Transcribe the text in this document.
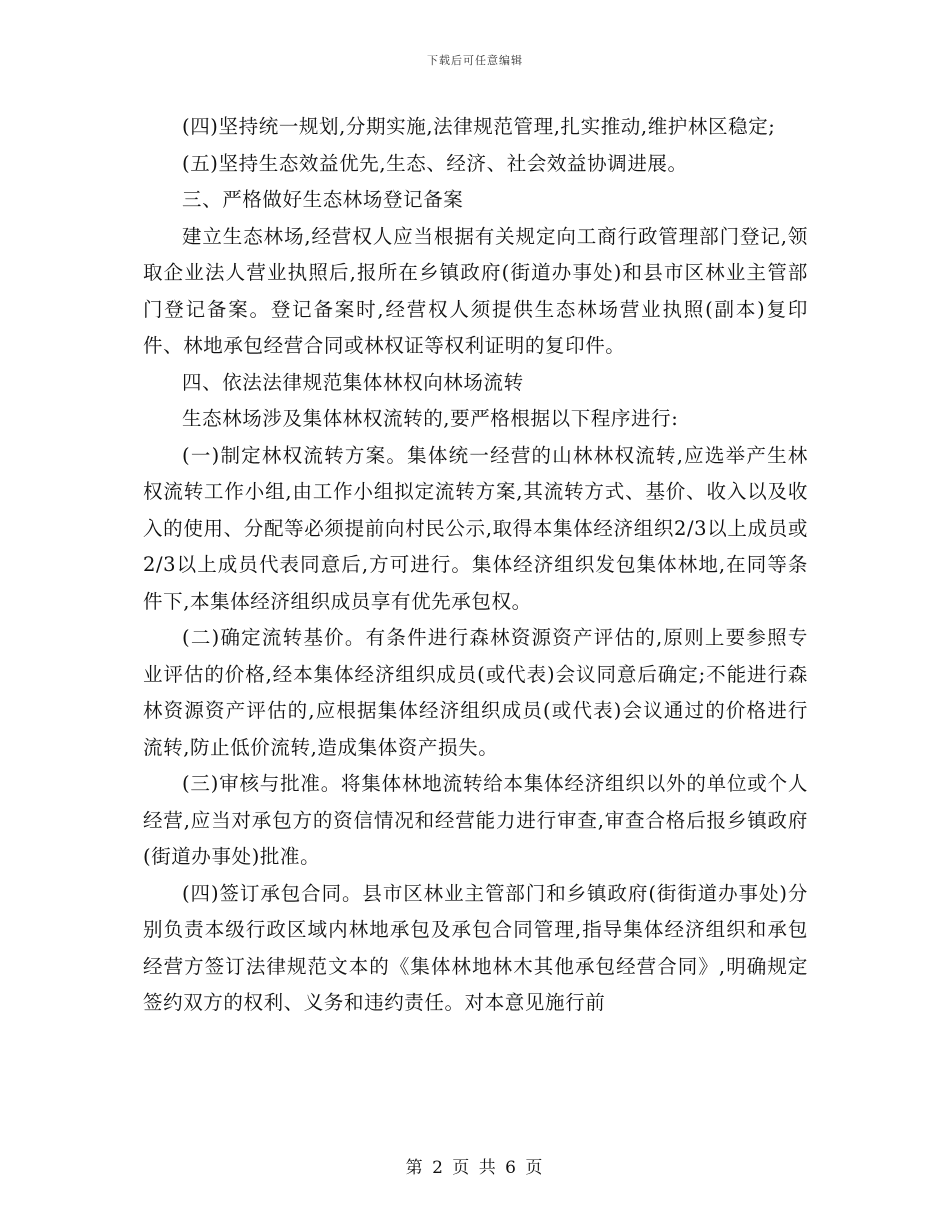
下载后可任意编辑

(四)坚持统一规划,分期实施,法律规范管理,扎实推动,维护林区稳定;

(五)坚持生态效益优先,生态、经济、社会效益协调进展。

三、严格做好生态林场登记备案

建立生态林场,经营权人应当根据有关规定向工商行政管理部门登记,领取企业法人营业执照后,报所在乡镇政府(街道办事处)和县市区林业主管部门登记备案。登记备案时,经营权人须提供生态林场营业执照(副本)复印件、林地承包经营合同或林权证等权利证明的复印件。

四、依法法律规范集体林权向林场流转

生态林场涉及集体林权流转的,要严格根据以下程序进行:

(一)制定林权流转方案。集体统一经营的山林林权流转,应选举产生林权流转工作小组,由工作小组拟定流转方案,其流转方式、基价、收入以及收入的使用、分配等必须提前向村民公示,取得本集体经济组织2/3以上成员或2/3以上成员代表同意后,方可进行。集体经济组织发包集体林地,在同等条件下,本集体经济组织成员享有优先承包权。

(二)确定流转基价。有条件进行森林资源资产评估的,原则上要参照专业评估的价格,经本集体经济组织成员(或代表)会议同意后确定;不能进行森林资源资产评估的,应根据集体经济组织成员(或代表)会议通过的价格进行流转,防止低价流转,造成集体资产损失。

(三)审核与批准。将集体林地流转给本集体经济组织以外的单位或个人经营,应当对承包方的资信情况和经营能力进行审查,审查合格后报乡镇政府(街道办事处)批准。

(四)签订承包合同。县市区林业主管部门和乡镇政府(街街道办事处)分别负责本级行政区域内林地承包及承包合同管理,指导集体经济组织和承包经营方签订法律规范文本的《集体林地林木其他承包经营合同》,明确规定签约双方的权利、义务和违约责任。对本意见施行前

第 2 页 共 6 页
